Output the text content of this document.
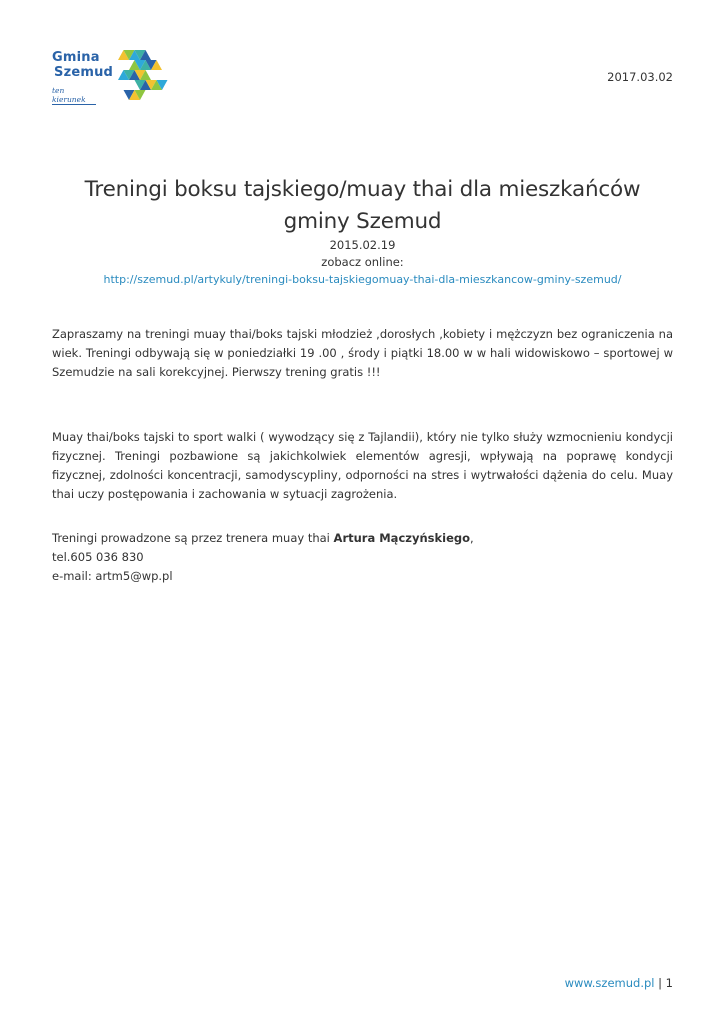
Gmina
Szemud
ten kierunek
2017.03.02
Treningi boksu tajskiego/muay thai dla mieszkańców gminy Szemud
2015.02.19
zobacz online:
http://szemud.pl/artykuly/treningi-boksu-tajskiegomuay-thai-dla-mieszkancow-gminy-szemud/

Zapraszamy na treningi muay thai/boks tajski młodzież ,dorosłych ,kobiety i mężczyzn bez ograniczenia na wiek. Treningi odbywają się w poniedziałki 19 .00 , środy i piątki 18.00 w w hali widowiskowo – sportowej w Szemudzie na sali korekcyjnej. Pierwszy trening gratis !!!

Muay thai/boks tajski to sport walki ( wywodzący się z Tajlandii), który nie tylko służy wzmocnieniu kondycji fizycznej. Treningi pozbawione są jakichkolwiek elementów agresji, wpływają na poprawę kondycji fizycznej, zdolności koncentracji, samodyscypliny, odporności na stres i wytrwałości dążenia do celu. Muay thai uczy postępowania i zachowania w sytuacji zagrożenia.

Treningi prowadzone są przez trenera muay thai Artura Mączyńskiego,
tel.605 036 830
e-mail: artm5@wp.pl

www.szemud.pl | 1
